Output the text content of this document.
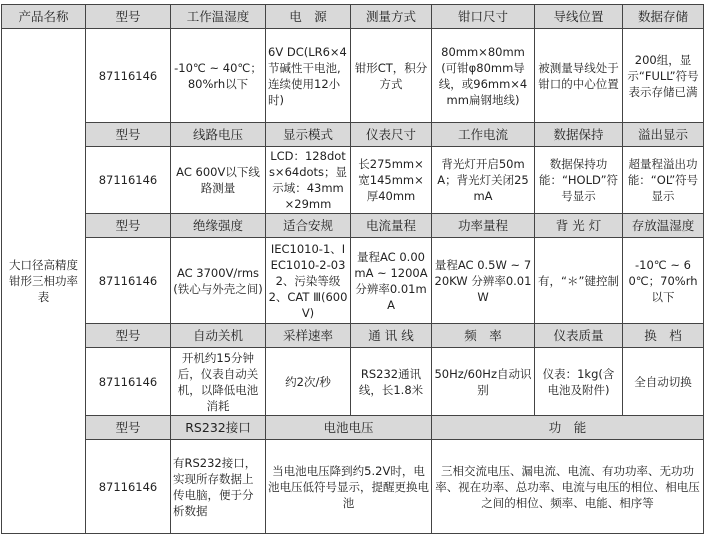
产品名称	型号	工作温湿度	电　源	测量方式	钳口尺寸	导线位置	数据存储
大口径高精度钳形三相功率表	87116146	-10℃ ~ 40℃；80%rh以下	6V DC(LR6×4节碱性干电池,连续使用12小时)	钳形CT，积分方式	80mm×80mm(可钳φ80mm导线，或96mm×4mm扁钢地线)	被测量导线处于钳口的中心位置	200组，显示“FULL”符号表示存储已满
	型号	线路电压	显示模式	仪表尺寸	工作电流	数据保持	溢出显示
	87116146	AC 600V以下线路测量	LCD：128dots×64dots；显示域：43mm×29mm	长275mm×宽145mm×厚40mm	背光灯开启50mA；背光灯关闭25mA	数据保持功能：“HOLD”符号显示	超量程溢出功能：“OL”符号显示
	型号	绝缘强度	适合安规	电流量程	功率量程	背 光 灯	存放温湿度
	87116146	AC 3700V/rms(铁心与外壳之间)	IEC1010-1、IEC1010-2-032、污染等级2、CAT Ⅲ(600V)	量程AC 0.00mA ~ 1200A 分辨率0.01mA	量程AC 0.5W ~ 720KW 分辨率0.01W	有，“＊”键控制	-10℃ ~ 60℃；70%rh以下
	型号	自动关机	采样速率	通 讯 线	频　率	仪表质量	换　档
	87116146	开机约15分钟后，仪表自动关机，以降低电池消耗	约2次/秒	RS232通讯线，长1.8米	50Hz/60Hz自动识别	仪表：1kg(含电池及附件)	全自动切换
	型号	RS232接口	电池电压		功　能		
	87116146	有RS232接口，实现所存数据上传电脑，便于分析数据	当电池电压降到约5.2V时，电池电压低符号显示，提醒更换电池		三相交流电压、漏电流、电流、有功功率、无功功率、视在功率、总功率、电流与电压的相位、相电压之间的相位、频率、电能、相序等		
